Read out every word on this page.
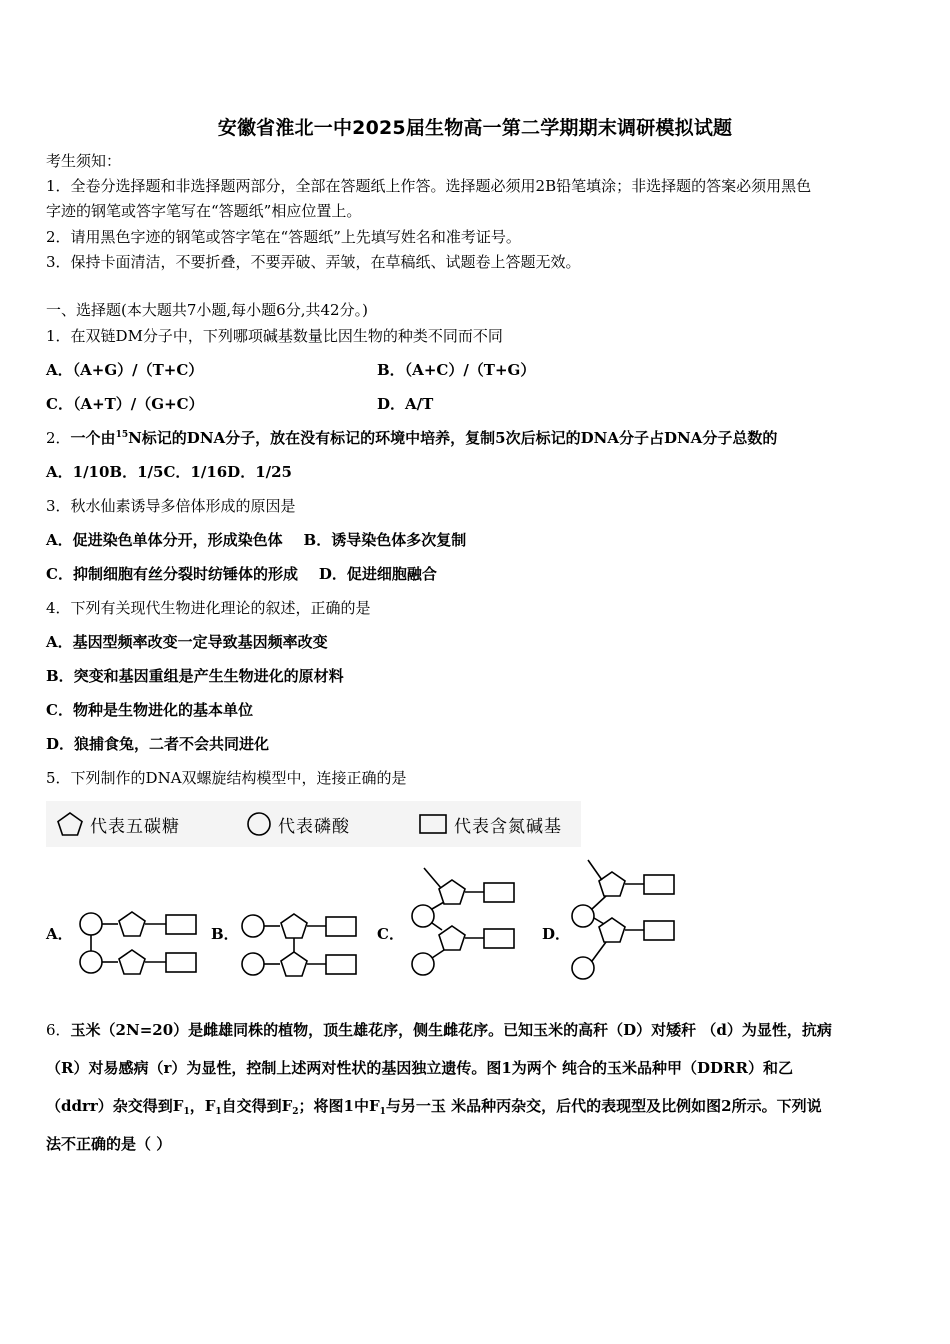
安徽省淮北一中2025届生物高一第二学期期末调研模拟试题
考生须知：
1．全卷分选择题和非选择题两部分，全部在答题纸上作答。选择题必须用2B铅笔填涂；非选择题的答案必须用黑色
字迹的钢笔或答字笔写在“答题纸”相应位置上。
2．请用黑色字迹的钢笔或答字笔在“答题纸”上先填写姓名和准考证号。
3．保持卡面清洁，不要折叠，不要弄破、弄皱，在草稿纸、试题卷上答题无效。
一、选择题(本大题共7小题,每小题6分,共42分。)
1．在双链DM分子中，下列哪项碱基数量比因生物的种类不同而不同
A．（A+G）/（T+C）	B．（A+C）/（T+G）
C．（A+T）/（G+C）	D．A/T
2．一个由$^{15}$N标记的DNA分子，放在没有标记的环境中培养，复制5次后标记的DNA分子占DNA分子总数的
A．1/10B．1/5C．1/16D．1/25
3．秋水仙素诱导多倍体形成的原因是
A．促进染色单体分开，形成染色体    B．诱导染色体多次复制
C．抑制细胞有丝分裂时纺锤体的形成    D．促进细胞融合
4．下列有关现代生物进化理论的叙述，正确的是
A．基因型频率改变一定导致基因频率改变
B．突变和基因重组是产生生物进化的原材料
C．物种是生物进化的基本单位
D．狼捕食兔，二者不会共同进化
5．下列制作的DNA双螺旋结构模型中，连接正确的是
代表五碳糖	代表磷酸	代表含氮碱基
A．	B．	C．	D．
6．玉米（2N=20）是雌雄同株的植物，顶生雄花序，侧生雌花序。已知玉米的高秆（D）对矮秆 （d）为显性，抗病
（R）对易感病（r）为显性，控制上述两对性状的基因独立遗传。图1为两个 纯合的玉米品种甲（DDRR）和乙
（ddrr）杂交得到$F_1$，$F_1$自交得到$F_2$；将图1中$F_1$与另一玉 米品种丙杂交，后代的表现型及比例如图2所示。下列说
法不正确的是（ ）
